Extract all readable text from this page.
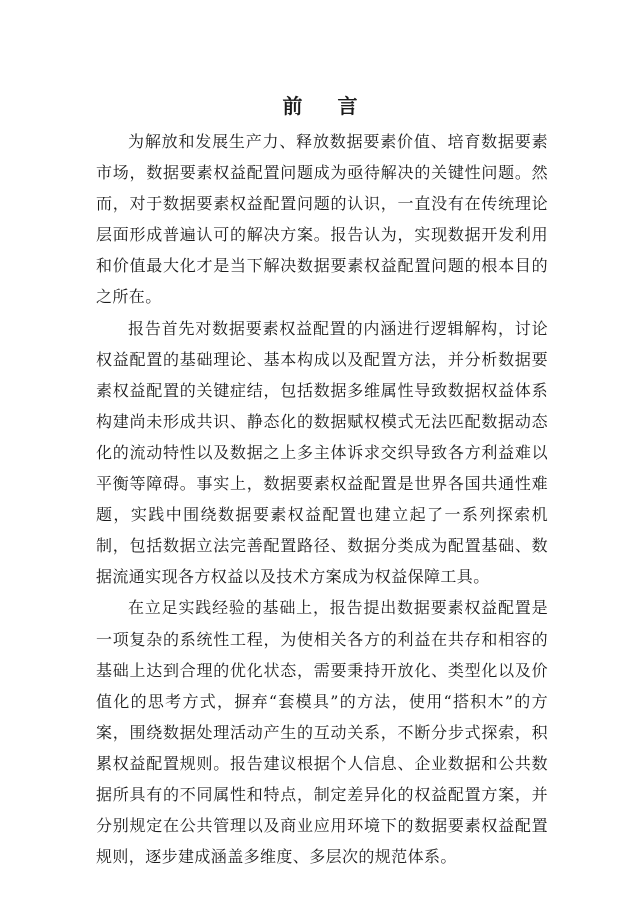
前 言

为解放和发展生产力、释放数据要素价值、培育数据要素市场，数据要素权益配置问题成为亟待解决的关键性问题。然而，对于数据要素权益配置问题的认识，一直没有在传统理论层面形成普遍认可的解决方案。报告认为，实现数据开发利用和价值最大化才是当下解决数据要素权益配置问题的根本目的之所在。

报告首先对数据要素权益配置的内涵进行逻辑解构，讨论权益配置的基础理论、基本构成以及配置方法，并分析数据要素权益配置的关键症结，包括数据多维属性导致数据权益体系构建尚未形成共识、静态化的数据赋权模式无法匹配数据动态化的流动特性以及数据之上多主体诉求交织导致各方利益难以平衡等障碍。事实上，数据要素权益配置是世界各国共通性难题，实践中围绕数据要素权益配置也建立起了一系列探索机制，包括数据立法完善配置路径、数据分类成为配置基础、数据流通实现各方权益以及技术方案成为权益保障工具。

在立足实践经验的基础上，报告提出数据要素权益配置是一项复杂的系统性工程，为使相关各方的利益在共存和相容的基础上达到合理的优化状态，需要秉持开放化、类型化以及价值化的思考方式，摒弃“套模具”的方法，使用“搭积木”的方案，围绕数据处理活动产生的互动关系，不断分步式探索，积累权益配置规则。报告建议根据个人信息、企业数据和公共数据所具有的不同属性和特点，制定差异化的权益配置方案，并分别规定在公共管理以及商业应用环境下的数据要素权益配置规则，逐步建成涵盖多维度、多层次的规范体系。
